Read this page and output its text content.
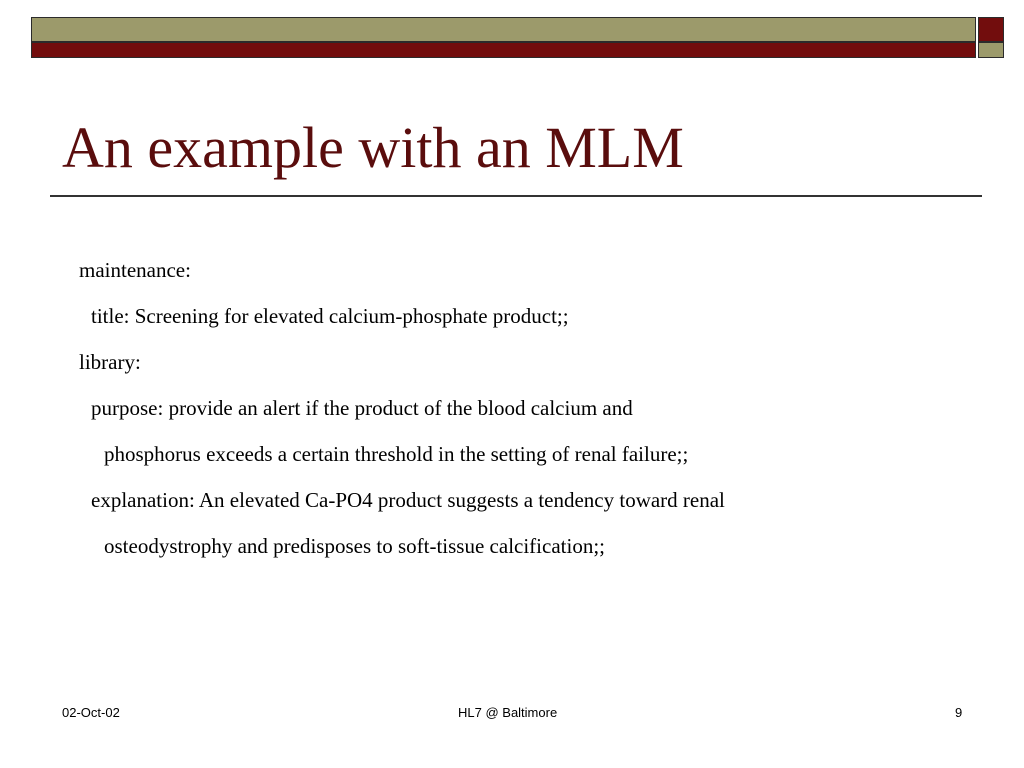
An example with an MLM
maintenance:
title: Screening for elevated calcium-phosphate product;;
library:
purpose: provide an alert if the product of the blood calcium and
phosphorus exceeds a certain threshold in the setting of renal failure;;
explanation: An elevated Ca-PO4 product suggests a tendency toward renal
osteodystrophy and predisposes to soft-tissue calcification;;
02-Oct-02	HL7 @ Baltimore	9
